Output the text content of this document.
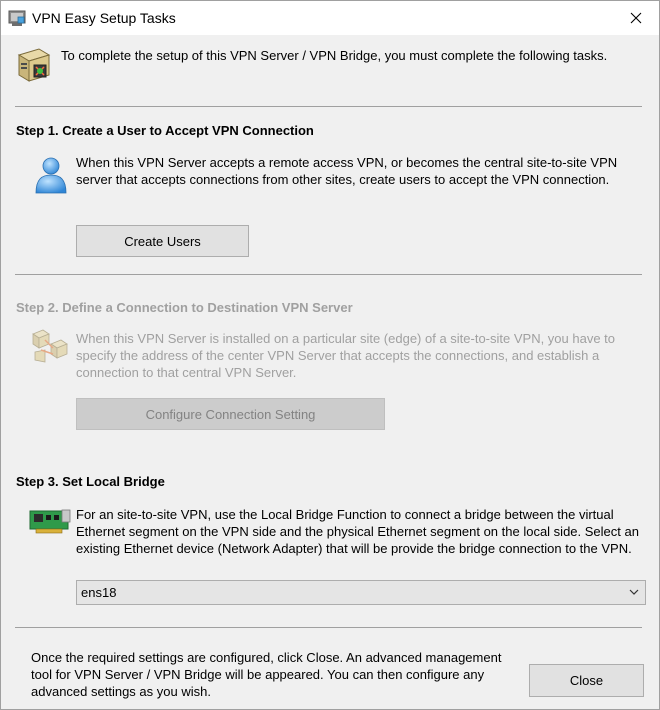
VPN Easy Setup Tasks
To complete the setup of this VPN Server / VPN Bridge, you must complete the following tasks.
Step 1. Create a User to Accept VPN Connection
When this VPN Server accepts a remote access VPN, or becomes the central site-to-site VPN
server that accepts connections from other sites, create users to accept the VPN connection.
Create Users
Step 2. Define a Connection to Destination VPN Server
When this VPN Server is installed on a particular site (edge) of a site-to-site VPN, you have to
specify the address of the center VPN Server that accepts the connections, and establish a
connection to that central VPN Server.
Configure Connection Setting
Step 3. Set Local Bridge
For an site-to-site VPN, use the Local Bridge Function to connect a bridge between the virtual
Ethernet segment on the VPN side and the physical Ethernet segment on the local side. Select an
existing Ethernet device (Network Adapter) that will be provide the bridge connection to the VPN.
ens18
Once the required settings are configured, click Close. An advanced management
tool for VPN Server / VPN Bridge will be appeared. You can then configure any
advanced settings as you wish.
Close
